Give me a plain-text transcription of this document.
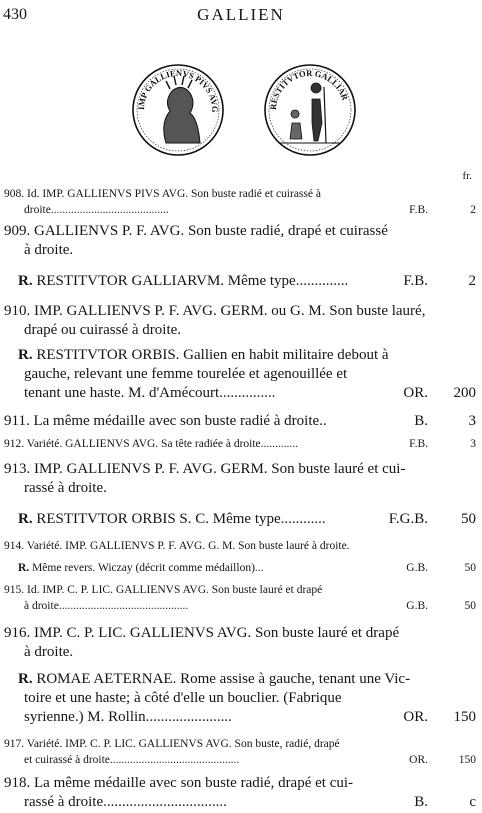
430	GALLIEN
IMP GALLIENVS PIVS AVG	RESTITVTOR GALLIAR
fr.
908. Id. IMP. GALLIENVS PIVS AVG. Son buste radié et cuirassé à
droite.........................................	F.B.	2
909. GALLIENVS P. F. AVG. Son buste radié, drapé et cuirassé
à droite.
R. RESTITVTOR GALLIARVM. Même type..............	F.B.	2
910. IMP. GALLIENVS P. F. AVG. GERM. ou G. M. Son buste lauré,
drapé ou cuirassé à droite.
R. RESTITVTOR ORBIS. Gallien en habit militaire debout à
gauche, relevant une femme tourelée et agenouillée et
tenant une haste. M. d'Amécourt...............	OR. 200
911. La même médaille avec son buste radié à droite..	B.	3
912. Variété. GALLIENVS AVG. Sa tête radiée à droite.............	F.B.	3
913. IMP. GALLIENVS P. F. AVG. GERM. Son buste lauré et cui-
rassé à droite.
R. RESTITVTOR ORBIS S. C. Même type............	F.G.B. 50
914. Variété. IMP. GALLIENVS P. F. AVG. G. M. Son buste lauré à droite.
R. Même revers. Wiczay (décrit comme médaillon)...	G.B.	50
915. Id. IMP. C. P. LIC. GALLIENVS AVG. Son buste lauré et drapé
à droite.............................................	G.B.	50
916. IMP. C. P. LIC. GALLIENVS AVG. Son buste lauré et drapé
à droite.
R. ROMAE AETERNAE. Rome assise à gauche, tenant une Vic-
toire et une haste; à côté d'elle un bouclier. (Fabrique
syrienne.) M. Rollin.......................	OR. 150
917. Variété. IMP. C. P. LIC. GALLIENVS AVG. Son buste, radié, drapé
et cuirassé à droite.............................................	OR.	150
918. La même médaille avec son buste radié, drapé et cui-
rassé à droite.................................	B.	c
